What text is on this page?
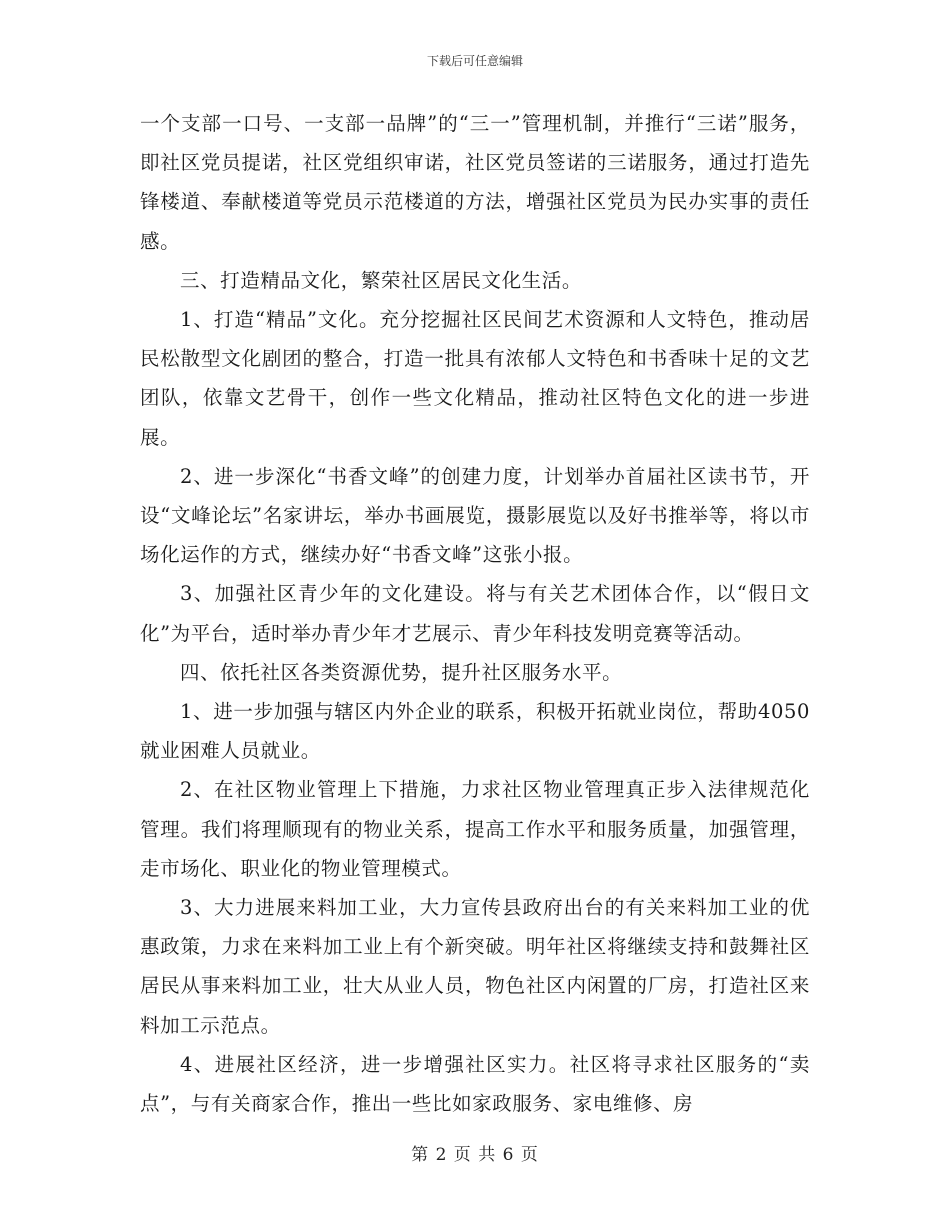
下载后可任意编辑

一个支部一口号、一支部一品牌”的“三一”管理机制，并推行“三诺”服务，即社区党员提诺，社区党组织审诺，社区党员签诺的三诺服务，通过打造先锋楼道、奉献楼道等党员示范楼道的方法，增强社区党员为民办实事的责任感。

三、打造精品文化，繁荣社区居民文化生活。

1、打造“精品”文化。充分挖掘社区民间艺术资源和人文特色，推动居民松散型文化剧团的整合，打造一批具有浓郁人文特色和书香味十足的文艺团队，依靠文艺骨干，创作一些文化精品，推动社区特色文化的进一步进展。

2、进一步深化“书香文峰”的创建力度，计划举办首届社区读书节，开设“文峰论坛”名家讲坛，举办书画展览，摄影展览以及好书推举等，将以市场化运作的方式，继续办好“书香文峰”这张小报。

3、加强社区青少年的文化建设。将与有关艺术团体合作，以“假日文化”为平台，适时举办青少年才艺展示、青少年科技发明竞赛等活动。

四、依托社区各类资源优势，提升社区服务水平。

1、进一步加强与辖区内外企业的联系，积极开拓就业岗位，帮助4050就业困难人员就业。

2、在社区物业管理上下措施，力求社区物业管理真正步入法律规范化管理。我们将理顺现有的物业关系，提高工作水平和服务质量，加强管理，走市场化、职业化的物业管理模式。

3、大力进展来料加工业，大力宣传县政府出台的有关来料加工业的优惠政策，力求在来料加工业上有个新突破。明年社区将继续支持和鼓舞社区居民从事来料加工业，壮大从业人员，物色社区内闲置的厂房，打造社区来料加工示范点。

4、进展社区经济，进一步增强社区实力。社区将寻求社区服务的“卖点”，与有关商家合作，推出一些比如家政服务、家电维修、房

第 2 页 共 6 页
